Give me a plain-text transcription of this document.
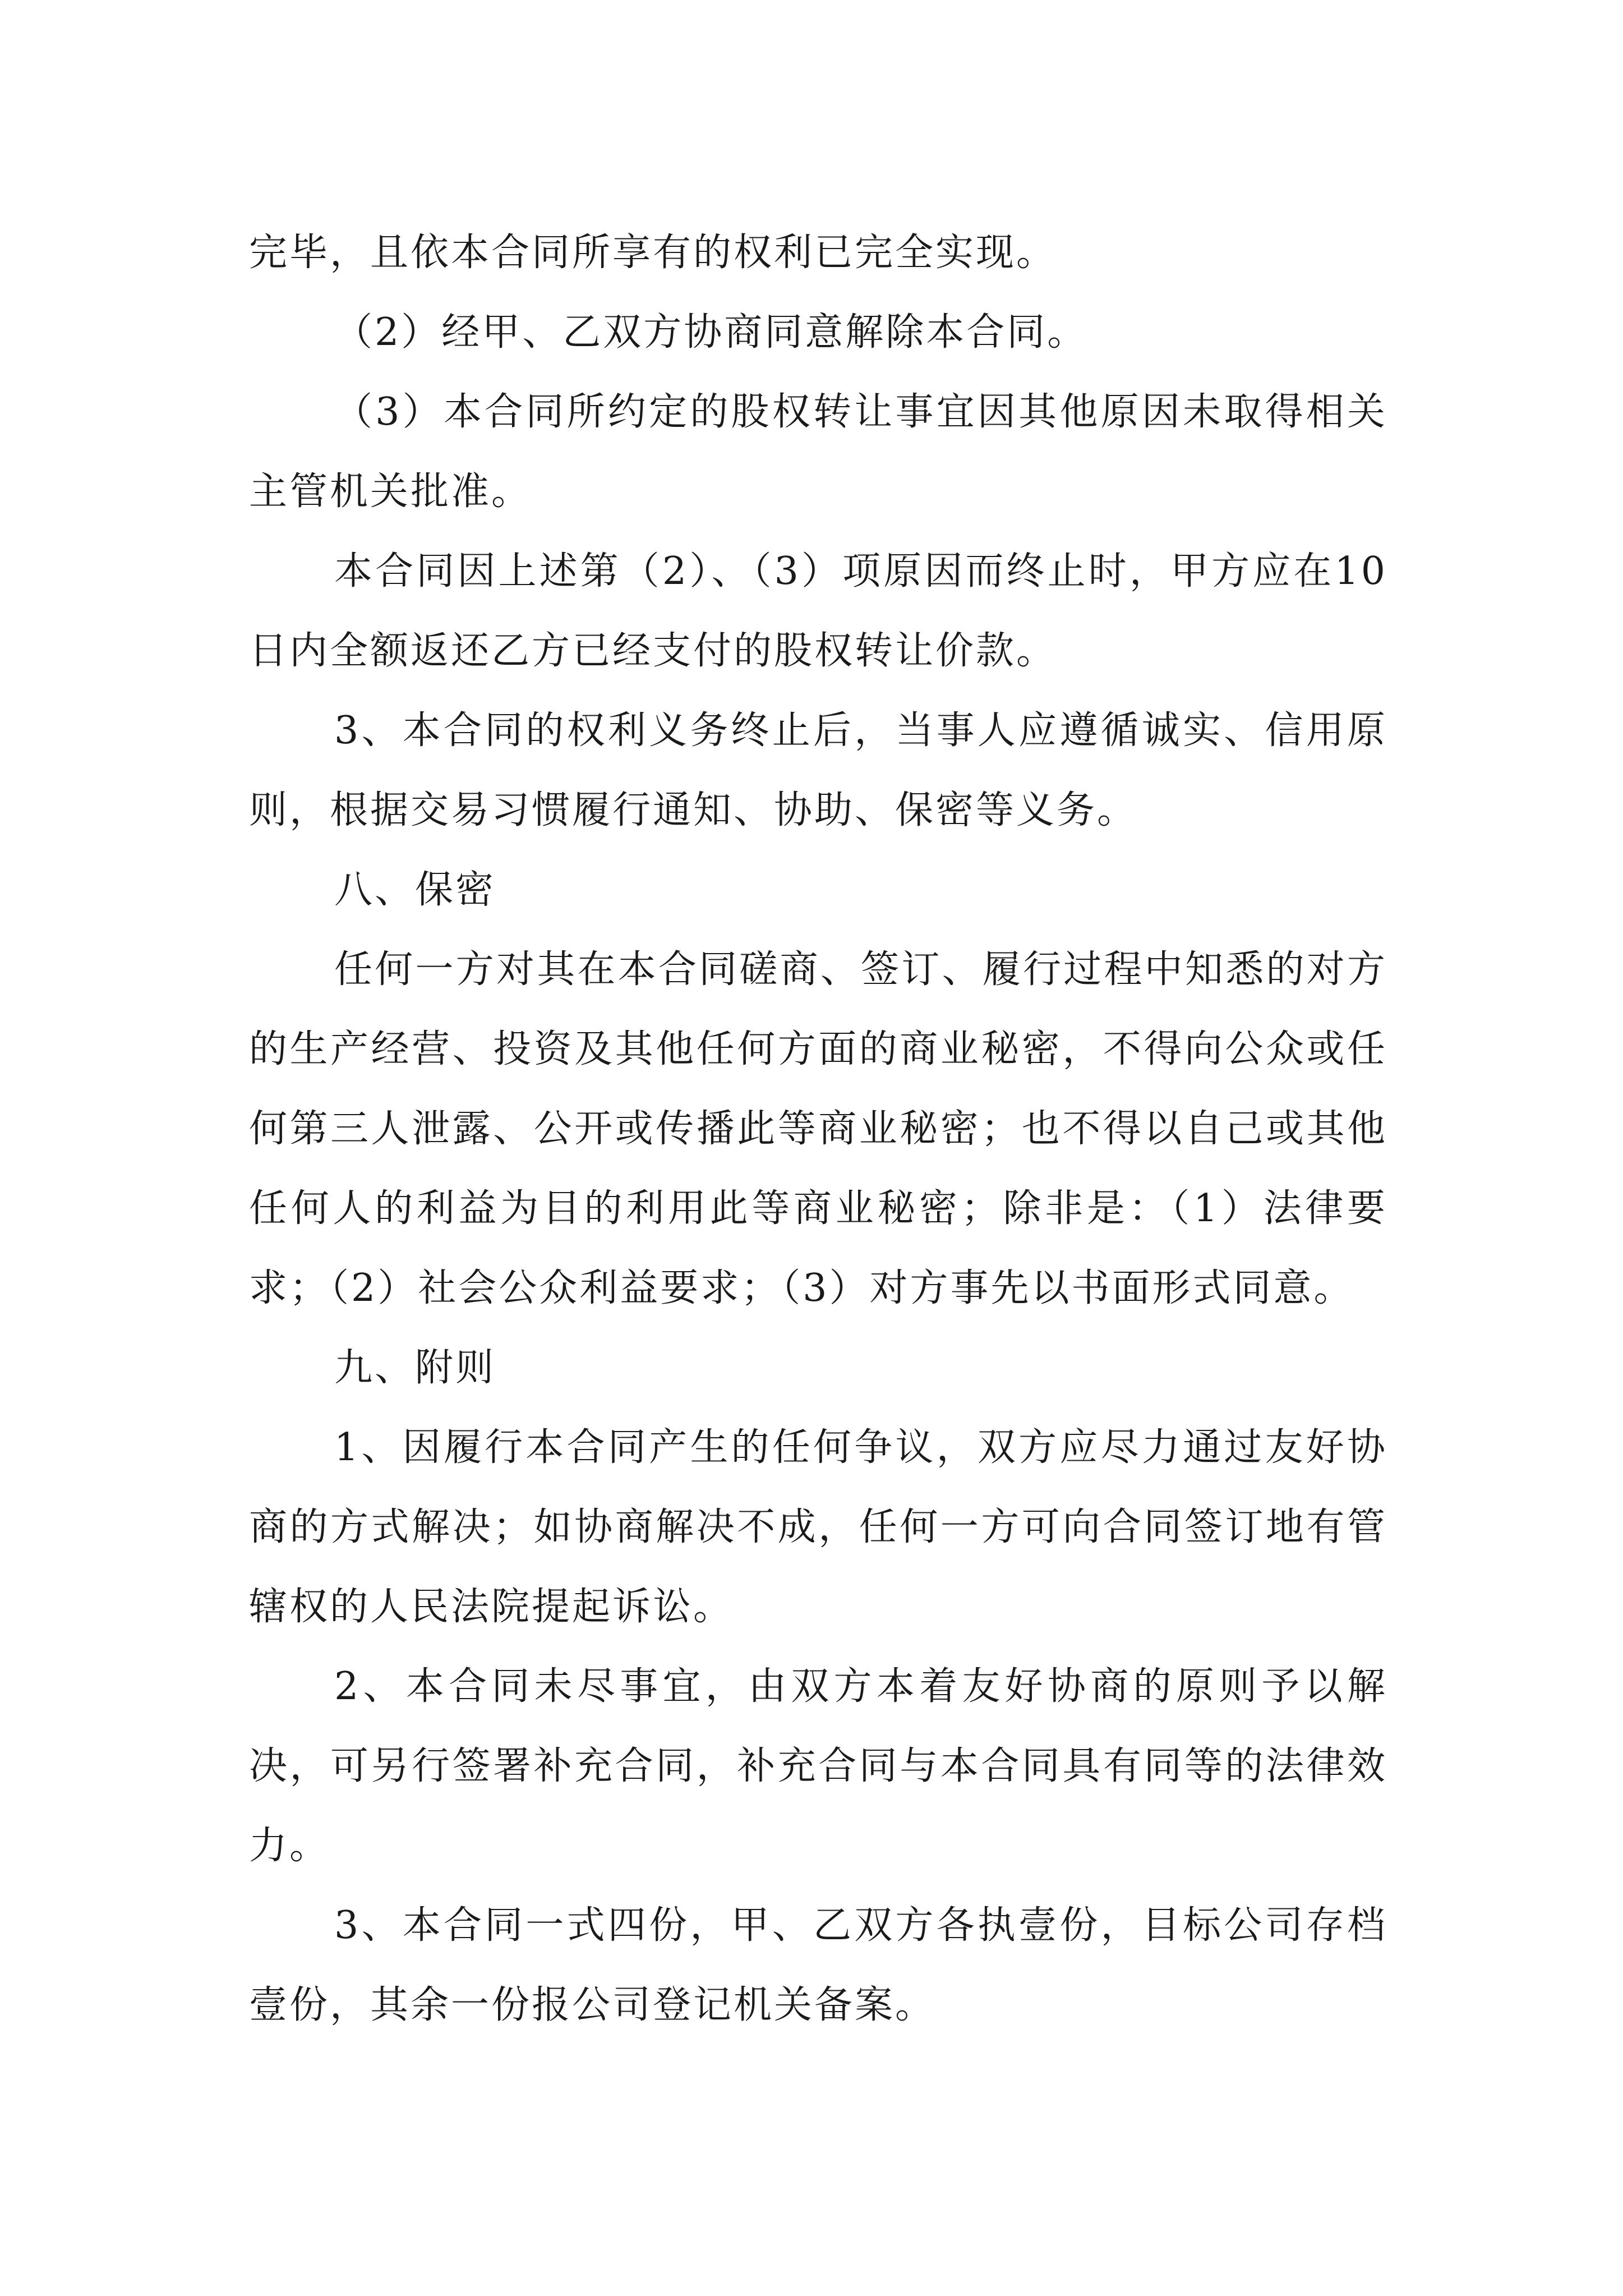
完毕，且依本合同所享有的权利已完全实现。

（2）经甲、乙双方协商同意解除本合同。

（3）本合同所约定的股权转让事宜因其他原因未取得相关主管机关批准。

本合同因上述第（2）、（3）项原因而终止时，甲方应在10日内全额返还乙方已经支付的股权转让价款。

3、本合同的权利义务终止后，当事人应遵循诚实、信用原则，根据交易习惯履行通知、协助、保密等义务。

八、保密

任何一方对其在本合同磋商、签订、履行过程中知悉的对方的生产经营、投资及其他任何方面的商业秘密，不得向公众或任何第三人泄露、公开或传播此等商业秘密；也不得以自己或其他任何人的利益为目的利用此等商业秘密；除非是：（1）法律要求；（2）社会公众利益要求；（3）对方事先以书面形式同意。

九、附则

1、因履行本合同产生的任何争议，双方应尽力通过友好协商的方式解决；如协商解决不成，任何一方可向合同签订地有管辖权的人民法院提起诉讼。

2、本合同未尽事宜，由双方本着友好协商的原则予以解决，可另行签署补充合同，补充合同与本合同具有同等的法律效力。

3、本合同一式四份，甲、乙双方各执壹份，目标公司存档壹份，其余一份报公司登记机关备案。
